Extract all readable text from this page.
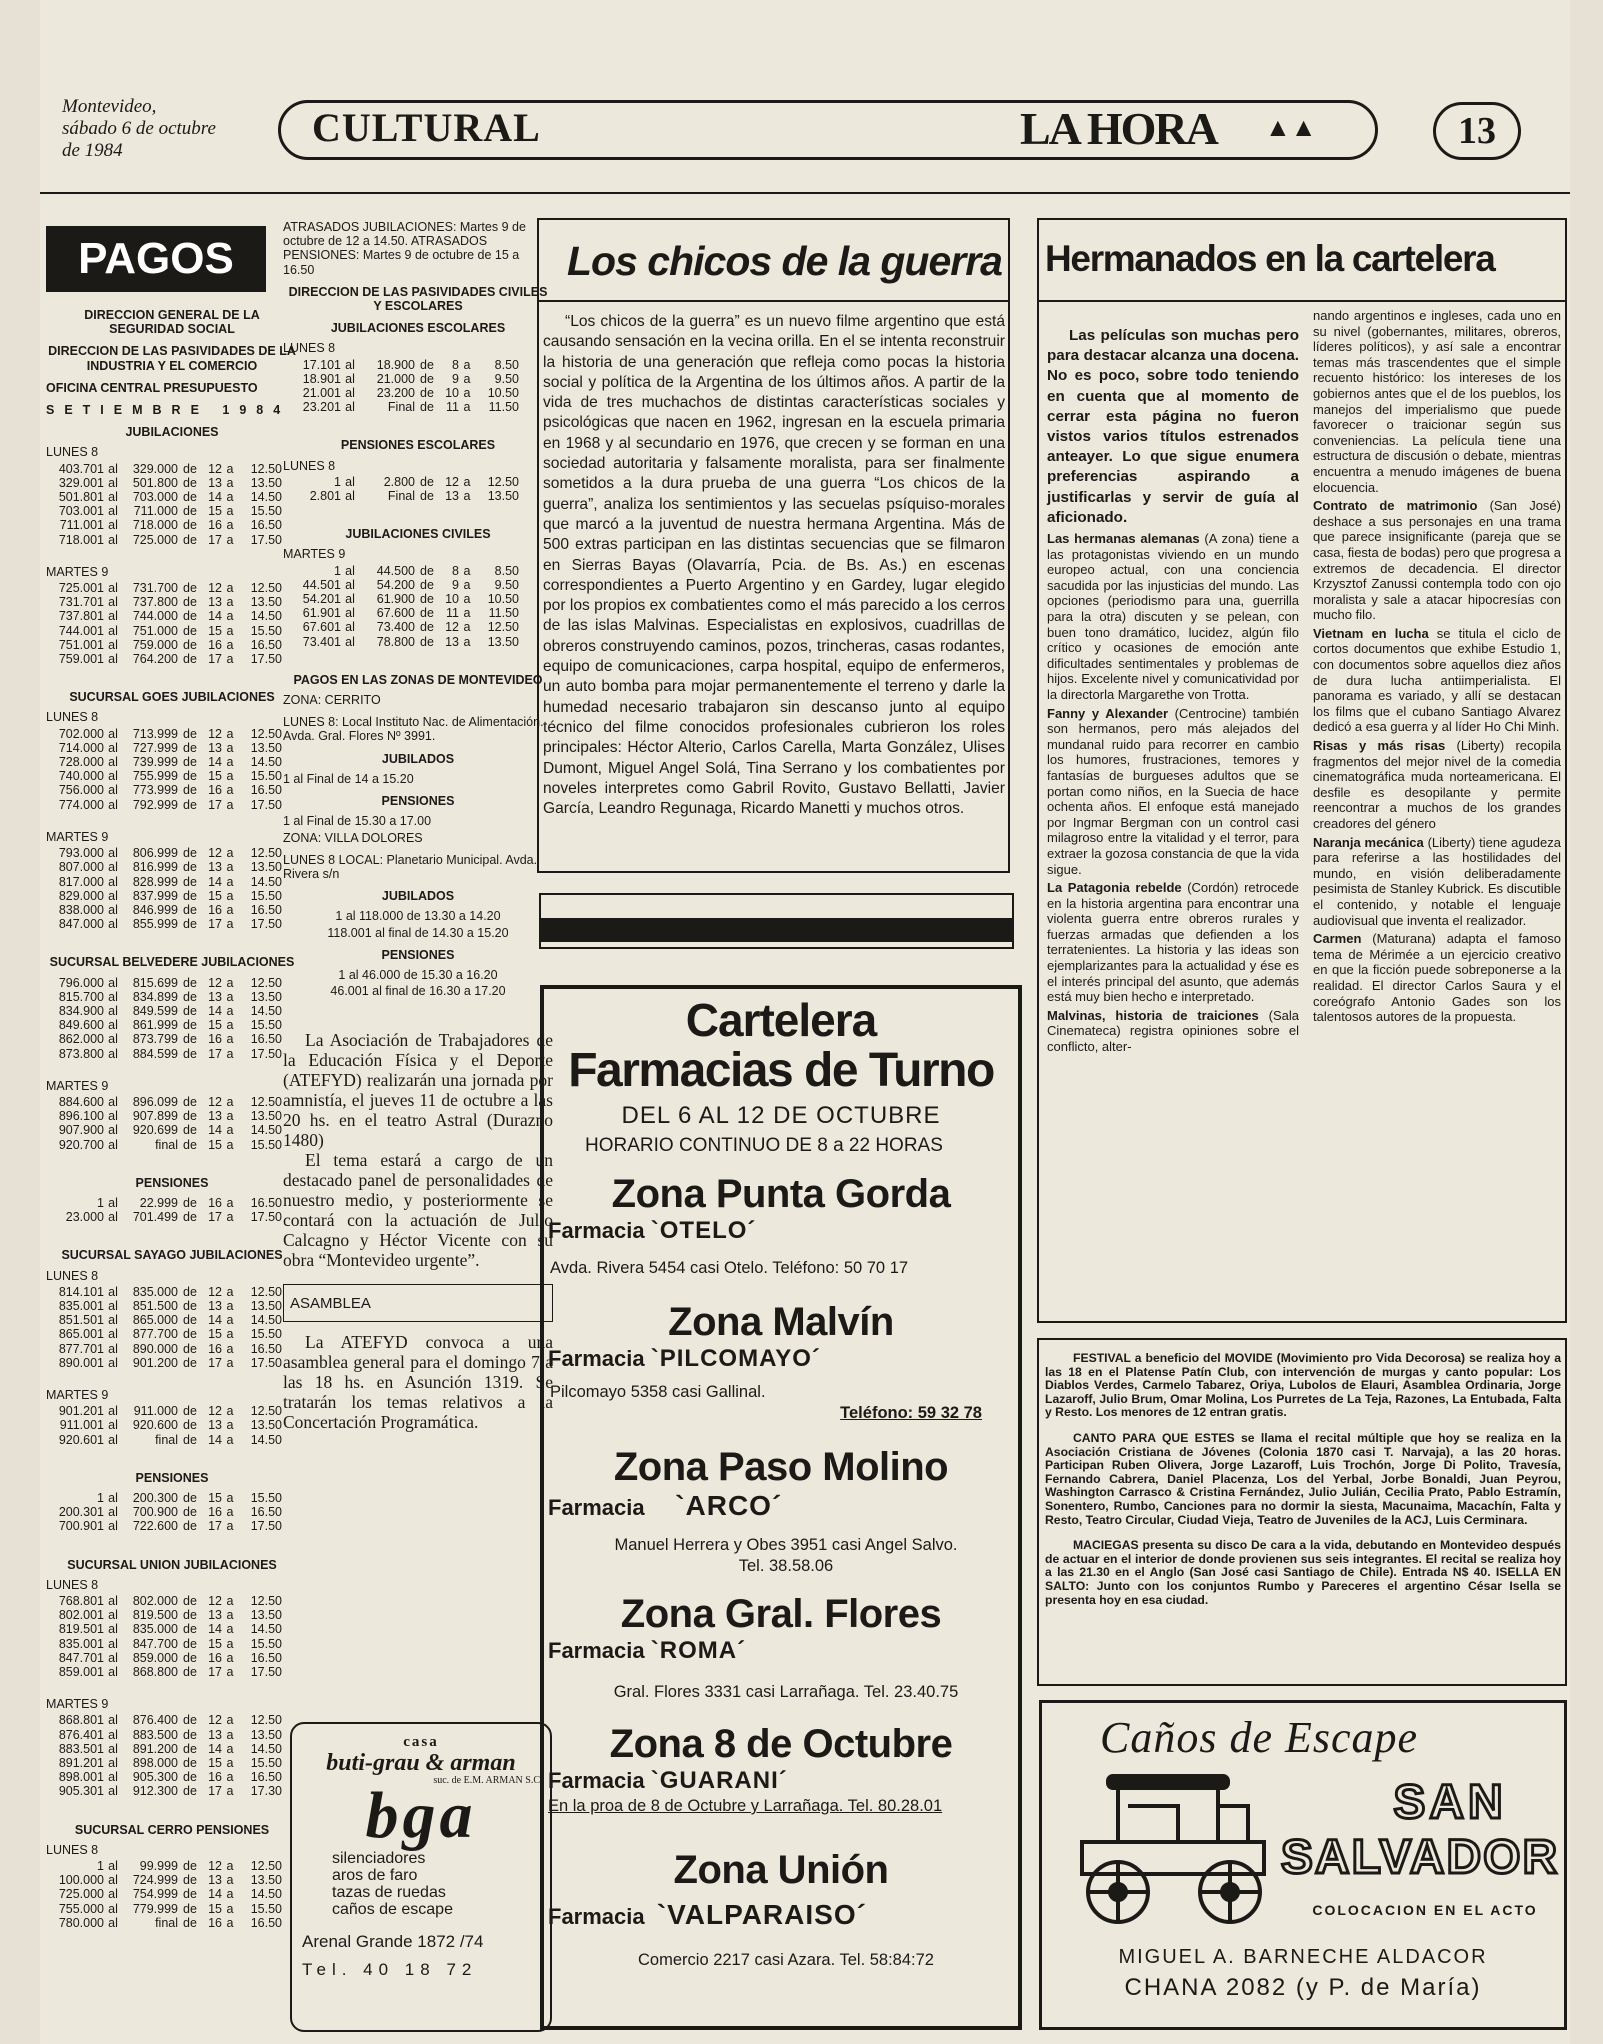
Montevideo,
sábado 6 de octubre
de 1984
CULTURAL	LA HORA ▲▲	13
PAGOS
DIRECCION GENERAL DE LA SEGURIDAD SOCIAL
DIRECCION DE LAS PASIVIDADES DE LA INDUSTRIA Y EL COMERCIO
OFICINA CENTRAL PRESUPUESTO
SETIEMBRE 1984
JUBILACIONES
LUNES 8
403.701 al	329.000 de 12 a	12.50
329.001 al	501.800 de 13 a	13.50
501.801 al	703.000 de 14 a	14.50
703.001 al	711.000 de 15 a	15.50
711.001 al	718.000 de 16 a	16.50
718.001 al	725.000 de 17 a	17.50
MARTES 9
725.001 al	731.700 de 12 a	12.50
731.701 al	737.800 de 13 a	13.50
737.801 al	744.000 de 14 a	14.50
744.001 al	751.000 de 15 a	15.50
751.001 al	759.000 de 16 a	16.50
759.001 al	764.200 de 17 a	17.50
SUCURSAL GOES JUBILACIONES
LUNES 8
702.000 al	713.999 de 12 a	12.50
714.000 al	727.999 de 13 a	13.50
728.000 al	739.999 de 14 a	14.50
740.000 al	755.999 de 15 a	15.50
756.000 al	773.999 de 16 a	16.50
774.000 al	792.999 de 17 a	17.50
MARTES 9
793.000 al	806.999 de 12 a	12.50
807.000 al	816.999 de 13 a	13.50
817.000 al	828.999 de 14 a	14.50
829.000 al	837.999 de 15 a	15.50
838.000 al	846.999 de 16 a	16.50
847.000 al	855.999 de 17 a	17.50
SUCURSAL BELVEDERE JUBILACIONES
796.000 al	815.699 de 12 a	12.50
815.700 al	834.899 de 13 a	13.50
834.900 al	849.599 de 14 a	14.50
849.600 al	861.999 de 15 a	15.50
862.000 al	873.799 de 16 a	16.50
873.800 al	884.599 de 17 a	17.50
MARTES 9
884.600 al	896.099 de 12 a	12.50
896.100 al	907.899 de 13 a	13.50
907.900 al	920.699 de 14 a	14.50
920.700 al	final de 15 a	15.50
PENSIONES
1 al	22.999 de 16 a	16.50
23.000 al	701.499 de 17 a	17.50
SUCURSAL SAYAGO JUBILACIONES
LUNES 8
814.101 al	835.000 de 12 a	12.50
835.001 al	851.500 de 13 a	13.50
851.501 al	865.000 de 14 a	14.50
865.001 al	877.700 de 15 a	15.50
877.701 al	890.000 de 16 a	16.50
890.001 al	901.200 de 17 a	17.50
MARTES 9
901.201 al	911.000 de 12 a	12.50
911.001 al	920.600 de 13 a	13.50
920.601 al	final de 14 a	14.50
PENSIONES
1 al	200.300 de 15 a	15.50
200.301 al	700.900 de 16 a	16.50
700.901 al	722.600 de 17 a	17.50
SUCURSAL UNION JUBILACIONES
LUNES 8
768.801 al	802.000 de 12 a	12.50
802.001 al	819.500 de 13 a	13.50
819.501 al	835.000 de 14 a	14.50
835.001 al	847.700 de 15 a	15.50
847.701 al	859.000 de 16 a	16.50
859.001 al	868.800 de 17 a	17.50
MARTES 9
868.801 al	876.400 de 12 a	12.50
876.401 al	883.500 de 13 a	13.50
883.501 al	891.200 de 14 a	14.50
891.201 al	898.000 de 15 a	15.50
898.001 al	905.300 de 16 a	16.50
905.301 al	912.300 de 17 a	17.30
SUCURSAL CERRO PENSIONES
LUNES 8
1 al	99.999 de 12 a	12.50
100.000 al	724.999 de 13 a	13.50
725.000 al	754.999 de 14 a	14.50
755.000 al	779.999 de 15 a	15.50
780.000 al	final de 16 a	16.50
ATRASADOS JUBILACIONES: Martes 9 de octubre de 12 a 14.50. ATRASADOS PENSIONES: Martes 9 de octubre de 15 a 16.50
DIRECCION DE LAS PASIVIDADES CIVILES Y ESCOLARES
JUBILACIONES ESCOLARES
LUNES 8
17.101 al	18.900 de	8 a	8.50
18.901 al	21.000 de	9 a	9.50
21.001 al	23.200 de 10 a	10.50
23.201 al	Final de 11 a	11.50
PENSIONES ESCOLARES
LUNES 8
1 al	2.800 de 12 a	12.50
2.801 al	Final de 13 a	13.50
JUBILACIONES CIVILES
MARTES 9
1 al	44.500 de	8 a	8.50
44.501 al	54.200 de	9 a	9.50
54.201 al	61.900 de 10 a	10.50
61.901 al	67.600 de 11 a	11.50
67.601 al	73.400 de 12 a	12.50
73.401 al	78.800 de 13 a	13.50
PAGOS EN LAS ZONAS DE MONTEVIDEO
ZONA: CERRITO
LUNES 8: Local Instituto Nac. de Alimentación. Avda. Gral. Flores Nº 3991.
JUBILADOS
1 al Final de 14 a 15.20
PENSIONES
1 al Final de 15.30 a 17.00
ZONA: VILLA DOLORES
LUNES 8 LOCAL: Planetario Municipal. Avda. Rivera s/n
JUBILADOS
1 al 118.000 de 13.30 a 14.20
118.001 al final de 14.30 a 15.20
PENSIONES
1 al 46.000 de 15.30 a 16.20
46.001 al final de 16.30 a 17.20

La Asociación de Trabajadores de la Educación Física y el Deporte (ATEFYD) realizarán una jornada por amnistía, el jueves 11 de octubre a las 20 hs. en el teatro Astral (Durazno 1480)

El tema estará a cargo de un destacado panel de personalidades de nuestro medio, y posteriormente se contará con la actuación de Julio Calcagno y Héctor Vicente con su obra “Montevideo urgente”.

ASAMBLEA

La ATEFYD convoca a una asamblea general para el domingo 7 a las 18 hs. en Asunción 1319. Se tratarán los temas relativos a la Concertación Programática.

casa
buti-grau & arman
suc. de E.M. ARMAN S.C
bga
silenciadores
aros de faro
tazas de ruedas
caños de escape
Arenal Grande 1872 /74
Tel. 40 18 72
Los chicos de la guerra

“Los chicos de la guerra” es un nuevo filme argentino que está causando sensación en la vecina orilla. En el se intenta reconstruir la historia de una generación que refleja como pocas la historia social y política de la Argentina de los últimos años. A partir de la vida de tres muchachos de distintas características sociales y psicológicas que nacen en 1962, ingresan en la escuela primaria en 1968 y al secundario en 1976, que crecen y se forman en una sociedad autoritaria y falsamente moralista, para ser finalmente sometidos a la dura prueba de una guerra “Los chicos de la guerra”, analiza los sentimientos y las secuelas psíquiso-morales que marcó a la juventud de nuestra hermana Argentina. Más de 500 extras participan en las distintas secuencias que se filmaron en Sierras Bayas (Olavarría, Pcia. de Bs. As.) en escenas correspondientes a Puerto Argentino y en Gardey, lugar elegido por los propios ex combatientes como el más parecido a los cerros de las islas Malvinas. Especialistas en explosivos, cuadrillas de obreros construyendo caminos, pozos, trincheras, casas rodantes, equipo de comunicaciones, carpa hospital, equipo de enfermeros, un auto bomba para mojar permanentemente el terreno y darle la humedad necesario trabajaron sin descanso junto al equipo técnico del filme conocidos profesionales cubrieron los roles principales: Héctor Alterio, Carlos Carella, Marta González, Ulises Dumont, Miguel Angel Solá, Tina Serrano y los combatientes por noveles interpretes como Gabril Rovito, Gustavo Bellatti, Javier García, Leandro Regunaga, Ricardo Manetti y muchos otros.

Cartelera
Farmacias de Turno
DEL 6 AL 12 DE OCTUBRE
HORARIO CONTINUO DE 8 a 22 HORAS
Zona Punta Gorda
Farmacia `OTELO´
Avda. Rivera 5454 casi Otelo. Teléfono: 50 70 17
Zona Malvín
Farmacia `PILCOMAYO´
Pilcomayo 5358 casi Gallinal.
Teléfono: 59 32 78
Zona Paso Molino
Farmacia `ARCO´
Manuel Herrera y Obes 3951 casi Angel Salvo.
Tel. 38.58.06
Zona Gral. Flores
Farmacia `ROMA´
Gral. Flores 3331 casi Larrañaga. Tel. 23.40.75
Zona 8 de Octubre
Farmacia `GUARANI´
En la proa de 8 de Octubre y Larrañaga. Tel. 80.28.01
Zona Unión
Farmacia `VALPARAISO´
Comercio 2217 casi Azara. Tel. 58:84:72
Hermanados en la cartelera

Las películas son muchas pero para destacar alcanza una docena. No es poco, sobre todo teniendo en cuenta que al momento de cerrar esta página no fueron vistos varios títulos estrenados anteayer. Lo que sigue enumera preferencias aspirando a justificarlas y servir de guía al aficionado.

Las hermanas alemanas (A zona) tiene a las protagonistas viviendo en un mundo europeo actual, con una conciencia sacudida por las injusticias del mundo. Las opciones (periodismo para una, guerrilla para la otra) discuten y se pelean, con buen tono dramático, lucidez, algún filo crítico y ocasiones de emoción ante dificultades sentimentales y problemas de hijos. Excelente nivel y comunicatividad por la directorla Margarethe von Trotta.

Fanny y Alexander (Centrocine) también son hermanos, pero más alejados del mundanal ruido para recorrer en cambio los humores, frustraciones, temores y fantasías de burgueses adultos que se portan como niños, en la Suecia de hace ochenta años. El enfoque está manejado por Ingmar Bergman con un control casi milagroso entre la vitalidad y el terror, para extraer la gozosa constancia de que la vida sigue.

La Patagonia rebelde (Cordón) retrocede en la historia argentina para encontrar una violenta guerra entre obreros rurales y fuerzas armadas que defienden a los terratenientes. La historia y las ideas son ejemplarizantes para la actualidad y ése es el interés principal del asunto, que además está muy bien hecho e interpretado.

Malvinas, historia de traiciones (Sala Cinemateca) registra opiniones sobre el conflicto, alter-

nando argentinos e ingleses, cada uno en su nivel (gobernantes, militares, obreros, líderes políticos), y así sale a encontrar temas más trascendentes que el simple recuento histórico: los intereses de los gobiernos antes que el de los pueblos, los manejos del imperialismo que puede favorecer o traicionar según sus conveniencias. La película tiene una estructura de discusión o debate, mientras encuentra a menudo imágenes de buena elocuencia.

Contrato de matrimonio (San José) deshace a sus personajes en una trama que parece insignificante (pareja que se casa, fiesta de bodas) pero que progresa a extremos de decadencia. El director Krzysztof Zanussi contempla todo con ojo moralista y sale a atacar hipocresías con mucho filo.

Vietnam en lucha se titula el ciclo de cortos documentos que exhibe Estudio 1, con documentos sobre aquellos diez años de dura lucha antiimperialista. El panorama es variado, y allí se destacan los films que el cubano Santiago Alvarez dedicó a esa guerra y al líder Ho Chi Minh.

Risas y más risas (Liberty) recopila fragmentos del mejor nivel de la comedia cinematográfica muda norteamericana. El desfile es desopilante y permite reencontrar a muchos de los grandes creadores del género

Naranja mecánica (Liberty) tiene agudeza para referirse a las hostilidades del mundo, en visión deliberadamente pesimista de Stanley Kubrick. Es discutible el contenido, y notable el lenguaje audiovisual que inventa el realizador.

Carmen (Maturana) adapta el famoso tema de Mérimée a un ejercicio creativo en que la ficción puede sobreponerse a la realidad. El director Carlos Saura y el coreógrafo Antonio Gades son los talentosos autores de la propuesta.

FESTIVAL a beneficio del MOVIDE (Movimiento pro Vida Decorosa) se realiza hoy a las 18 en el Platense Patín Club, con intervención de murgas y canto popular: Los Diablos Verdes, Carmelo Tabarez, Oriya, Lubolos de Elauri, Asamblea Ordinaria, Jorge Lazaroff, Julio Brum, Omar Molina, Los Purretes de La Teja, Razones, La Entubada, Falta y Resto. Los menores de 12 entran gratis.

CANTO PARA QUE ESTES se llama el recital múltiple que hoy se realiza en la Asociación Cristiana de Jóvenes (Colonia 1870 casi T. Narvaja), a las 20 horas. Participan Ruben Olivera, Jorge Lazaroff, Luis Trochón, Jorge Di Polito, Travesía, Fernando Cabrera, Daniel Placenza, Los del Yerbal, Jorbe Bonaldi, Juan Peyrou, Washington Carrasco & Cristina Fernández, Julio Julián, Cecilia Prato, Pablo Estramín, Sonentero, Rumbo, Canciones para no dormir la siesta, Macunaima, Macachín, Falta y Resto, Teatro Circular, Ciudad Vieja, Teatro de Juveniles de la ACJ, Luis Cerminara.

MACIEGAS presenta su disco De cara a la vida, debutando en Montevideo después de actuar en el interior de donde provienen sus seis integrantes. El recital se realiza hoy a las 21.30 en el Anglo (San José casi Santiago de Chile). Entrada N$ 40. ISELLA EN SALTO: Junto con los conjuntos Rumbo y Pareceres el argentino César Isella se presenta hoy en esa ciudad.

Caños de Escape
SAN
SALVADOR
COLOCACION EN EL ACTO
MIGUEL A. BARNECHE ALDACOR
CHANA 2082 (y P. de María)
